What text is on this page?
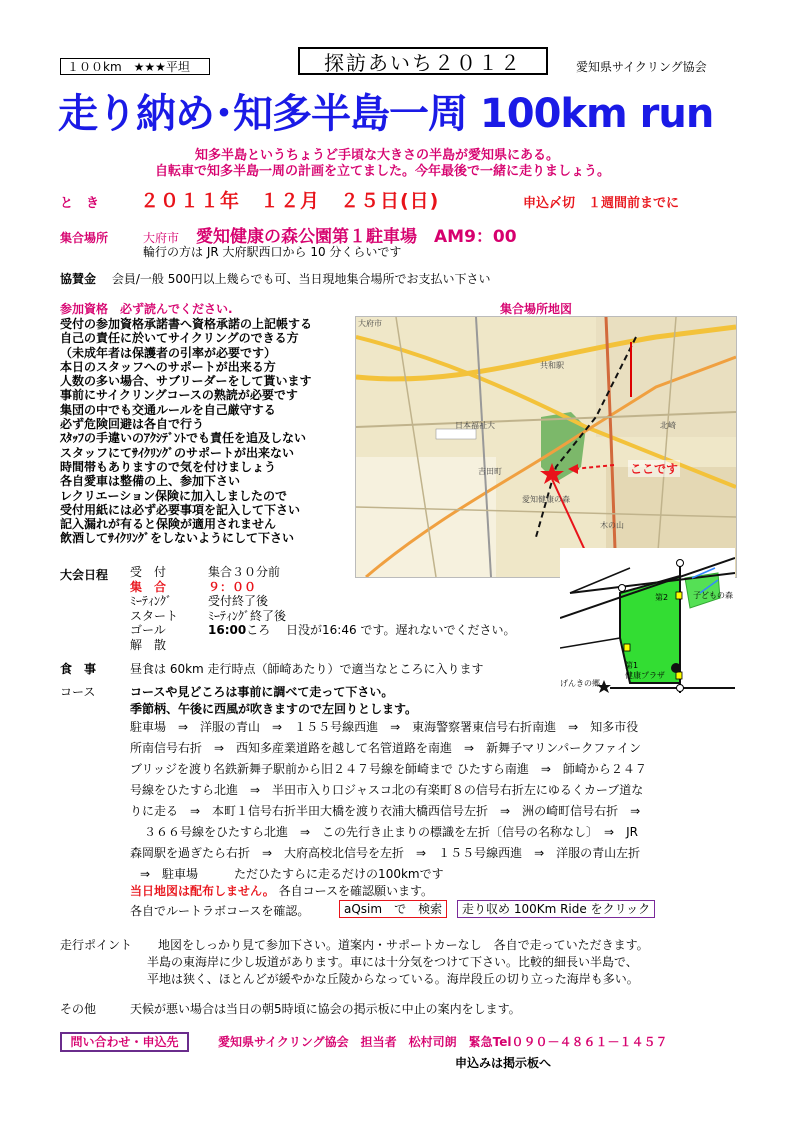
１００km　★★★平坦	探訪あいち２０１２	愛知県サイクリング協会
走り納め･知多半島一周 100km run
知多半島というちょうど手頃な大きさの半島が愛知県にある。
自転車で知多半島一周の計画を立てました。今年最後で一緒に走りましょう。
と　き ２０１１年　１２月　２５日(日)	申込〆切　１週間前までに
集合場所	大府市 愛知健康の森公園第１駐車場　AM9：00
輪行の方は JR 大府駅西口から 10 分くらいです
協賛金　 会員/一般 500円以上幾らでも可、当日現地集合場所でお支払い下さい
参加資格　必ず読んでください.
受付の参加資格承諾書へ資格承諾の上記帳する
自己の責任に於いてサイクリングのできる方
（未成年者は保護者の引率が必要です）
本日のスタッフへのサポートが出来る方
人数の多い場合、サブリーダーをして貰います
事前にサイクリングコースの熟読が必要です
集団の中でも交通ルールを自己厳守する
必ず危険回避は各自で行う
ｽﾀｯﾌの手違いのｱｸｼﾃﾞﾝﾄでも責任を追及しない
スタッフにてｻｲｸﾘﾝｸﾞのサポートが出来ない
時間帯もありますので気を付けましょう
各自愛車は整備の上、参加下さい
レクリエーション保険に加入しましたので
受付用紙には必ず必要事項を記入して下さい
記入漏れが有ると保険が適用されません
飲酒してｻｲｸﾘﾝｸﾞをしないようにして下さい
集合場所地図
大府市
日本福祉大
共和駅
北崎
吉田町
愛知健康の森
木の山
ここです
第2	子どもの森
第1
健康プラザ
げんきの郷
大会日程 受　付	集合３０分前
集　合	９：００
ﾐｰﾃｨﾝｸﾞ	受付終了後
スタート ﾐｰﾃｨﾝｸﾞ終了後
ゴール	16:00ころ　 日没が16:46 です。遅れないでください。
解　散
食　事	昼食は 60km 走行時点（師崎あたり）で適当なところに入ります
コース	コースや見どころは事前に調べて走って下さい。
季節柄、午後に西風が吹きますので左回りとします。
駐車場　⇒　洋服の青山　⇒　１５５号線西進　⇒　東海警察署東信号右折南進　⇒　知多市役
所南信号右折　⇒　西知多産業道路を越して名管道路を南進　⇒　新舞子マリンパークファイン
ブリッジを渡り名鉄新舞子駅前から旧２４７号線を師崎まで ひたすら南進　⇒　師崎から２４７
号線をひたすら北進　⇒　半田市入り口ジャスコ北の有楽町８の信号右折左にゆるくカーブ道な
りに走る　⇒　本町１信号右折半田大橋を渡り衣浦大橋西信号左折　⇒　洲の崎町信号右折　⇒
３６６号線をひたすら北進　⇒　この先行き止まりの標識を左折〔信号の名称なし〕　⇒　JR
森岡駅を過ぎたら右折　⇒　大府高校北信号を左折　⇒　１５５号線西進　⇒　洋服の青山左折
⇒　駐車場　　　ただひたすらに走るだけの100kmです
当日地図は配布しません。 各自コースを確認願います。
各自でルートラボコースを確認。	aQsim　で　検索	走り収め 100Km Ride をクリック
走行ポイント 地図をしっかり見て参加下さい。道案内・サポートカーなし　各自で走っていただきます。
半島の東海岸に少し坂道があります。車には十分気をつけて下さい。比較的細長い半島で、
平地は狭く、ほとんどが緩やかな丘陵からなっている。海岸段丘の切り立った海岸も多い。
その他	天候が悪い場合は当日の朝5時頃に協会の掲示板に中止の案内をします。
問い合わせ・申込先	愛知県サイクリング協会　担当者　松村司朗　緊急Tel０９０－４８６１－１４５７
申込みは掲示板へ
